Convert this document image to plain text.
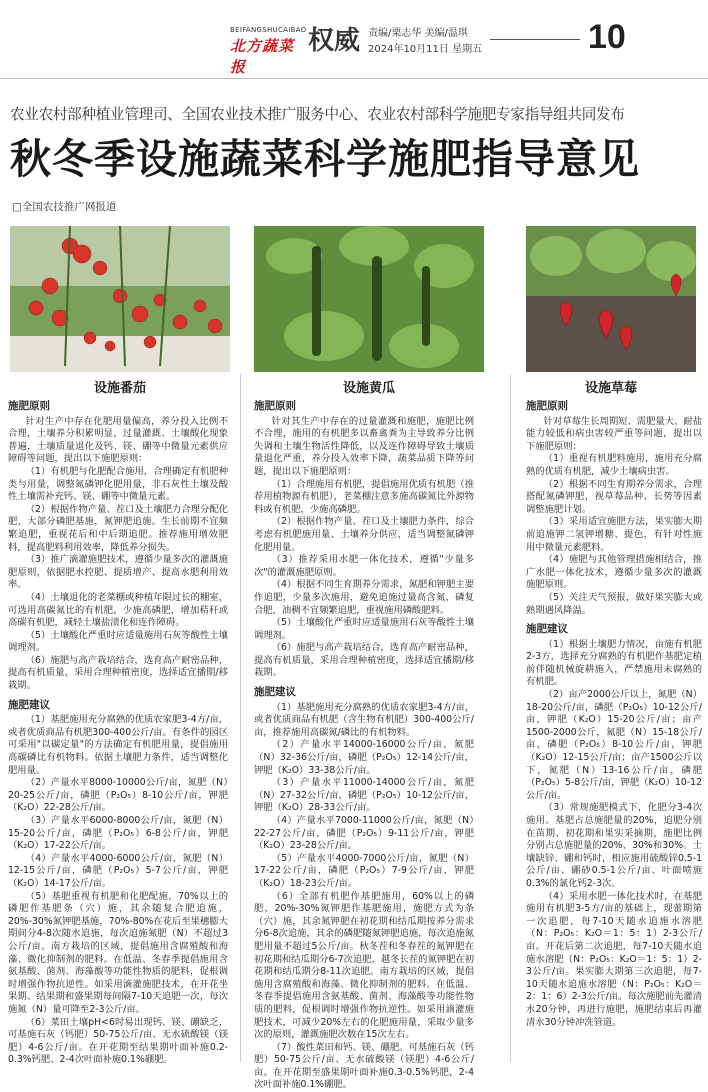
BEIFANGSHUCAIBAO
北方蔬菜报
权威 责编/栗志华 美编/温琪
2024年10月11日 星期五	10
农业农村部种植业管理司、全国农业技术推广服务中心、农业农村部科学施肥专家指导组共同发布
秋冬季设施蔬菜科学施肥指导意见
□全国农技推广网报道
设施番茄	设施黄瓜	设施草莓
施肥原则

针对生产中存在化肥用量偏高，养分投入比例不合理，土壤养分积累明显，过量灌溉、土壤酸化现象普遍，土壤质量退化及钙、镁、硼等中微量元素供应障碍等问题，提出以下施肥原则：

（1）有机肥与化肥配合施用，合理确定有机肥种类与用量，调整氮磷钾化肥用量，非石灰性土壤及酸性土壤需补充钙、镁、硼等中微量元素。

（2）根据作物产量、茬口及土壤肥力合理分配化肥，大部分磷肥基施，氮钾肥追施。生长前期不宜频繁追肥，重视花后和中后期追肥。推荐施用增效肥料，提高肥料利用效率，降低养分损失。

（3）推广滴灌施肥技术，遵循少量多次的灌溉施肥原则，依据肥水控肥、提质增产、提高水肥利用效率。

（4）土壤退化的老菜棚或种植年限过长的棚室，可选用高碳氮比的有机肥，少施高磷肥，增加秸秆或高碳有机肥，减轻土壤盐渍化和连作障碍。

（5）土壤酸化严重时应适量施用石灰等酸性土壤调理剂。

（6）施肥与高产栽培结合，选育高产耐密品种，提高有机质量，采用合理种植密度，选择适宜播期/移栽期。

施肥建议

（1）基肥施用充分腐熟的优质农家肥3-4方/亩，或者优质商品有机肥300-400公斤/亩。有条件的园区可采用"以碳定量"的方法确定有机肥用量，提倡施用高碳磷比有机物料。依据土壤肥力条件，适当调整化肥用量。

（2）产量水平8000-10000公斤/亩，氮肥（N）20-25公斤/亩，磷肥（P₂O₅）8-10公斤/亩，钾肥（K₂O）22-28公斤/亩。

（3）产量水平6000-8000公斤/亩，氮肥（N）15-20公斤/亩，磷肥（P₂O₅）6-8公斤/亩，钾肥（K₂O）17-22公斤/亩。

（4）产量水平4000-6000公斤/亩，氮肥（N）12-15公斤/亩，磷肥（P₂O₅）5-7公斤/亩，钾肥（K₂O）14-17公斤/亩。

（5）基肥重视有机肥和化肥配施，70%以上的磷肥作基肥条（穴）施，其余随复合肥追施，20%-30%氮钾肥基施，70%-80%在花后至果穗膨大期间分4-8次随水追施，每次追施氮肥（N）不超过3公斤/亩。南方栽培的区域，提倡施用含腐殖酸和海藻、微化抑制剂的肥料。在低温、冬春季提倡施用含氨基酸、菌剂、海藻酸等功能性物质的肥料，促根调时增强作物抗逆性。如采用滴灌施肥技术，在开花坐果期、结果期和盛果期每间隔7-10天追肥一次，每次施氮（N）量可降至2-3公斤/亩。

（6）菜田土壤pH<6时易出现钙、镁、硼缺乏，可基施石灰（钙肥）50-75公斤/亩、无水硫酸镁（镁肥）4-6公斤/亩。在开花期至结果期叶面补施0.2-0.3%钙肥、2-4次叶面补施0.1%硼肥。

施肥原则

针对其生产中存在的过量灌溉和施肥，施肥比例不合理，施用的有机肥多以畜禽粪为主导致养分比例失调和土壤生物活性降低，以及连作障碍导致土壤质量退化严重，养分投入效率下降，蔬菜品质下降等问题，提出以下施肥原则：

（1）合理施用有机肥，提倡施用优质有机肥（推荐用植物源有机肥），老菜棚注意多施高碳氮比外源物料或有机肥，少施高磷肥。

（2）根据作物产量、茬口及土壤肥力条件，综合考虑有机肥施用量、土壤养分供应，适当调整氮磷钾化肥用量。

（3）推荐采用水肥一体化技术，遵循"少量多次"的灌溉施肥原则。

（4）根据不同生育期养分需求，氮肥和钾肥主要作追肥，少量多次施用，避免追施过量高含氮、磷复合肥，油稠不宜频繁追肥，重视施用磷酸肥料。

（5）土壤酸化严重时应适量施用石灰等酸性土壤调理剂。

（6）施肥与高产栽培结合，选育高产耐密品种，提高有机质量，采用合理种植密度，选择适宜播期/移栽期。

施肥建议

（1）基肥施用充分腐熟的优质农家肥3-4方/亩，或者优质商品有机肥（含生物有机肥）300-400公斤/亩，推荐施用高碳氮/磷比的有机物料。

（2）产量水平14000-16000公斤/亩，氮肥（N）32-36公斤/亩，磷肥（P₂O₅）12-14公斤/亩，钾肥（K₂O）33-38公斤/亩。

（3）产量水平11000-14000公斤/亩，氮肥（N）27-32公斤/亩，磷肥（P₂O₅）10-12公斤/亩，钾肥（K₂O）28-33公斤/亩。

（4）产量水平7000-11000公斤/亩，氮肥（N）22-27公斤/亩，磷肥（P₂O₅）9-11公斤/亩，钾肥（K₂O）23-28公斤/亩。

（5）产量水平4000-7000公斤/亩，氮肥（N）17-22公斤/亩，磷肥（P₂O₅）7-9公斤/亩，钾肥（K₂O）18-23公斤/亩。

（6）全部有机肥作基肥施用，60%以上的磷肥、20%-30%氮钾肥作基肥施用，施肥方式为条（穴）施，其余氮钾肥在初花期和结瓜期按养分需求分6-8次追施，其余的磷肥随氮钾肥追施，每次追施氮肥用量不超过5公斤/亩。秋冬茬和冬春茬的氮钾肥在初花期和结瓜期分6-7次追肥，越冬长茬的氮钾肥在初花期和结瓜期分8-11次追肥。南方栽培的区域，提倡施用含腐殖酸和海藻、微化抑制剂的肥料。在低温、冬春季提倡施用含氨基酸、菌剂、海藻酸等功能性物质的肥料，促根调时增强作物抗逆性。如采用滴灌施肥技术，可减少20%左右的化肥施用量，采取少量多次的原则，灌溉施肥次数在15次左右。

（7）酸性菜田和钙、镁、硼肥。可基施石灰（钙肥）50-75公斤/亩、无水硫酸镁（镁肥）4-6公斤/亩。在开花期至盛果期叶面补施0.3-0.5%钙肥，2-4次叶面补施0.1%硼肥。

施肥原则

针对草莓生长周期短、需肥量大、耐盐能力较低和病虫害较严重等问题，提出以下施肥原则：

（1）重视有机肥料施用，施用充分腐熟的优质有机肥，减少土壤病虫害。

（2）根据不同生育期养分需求，合理搭配氮磷钾肥，视草莓品种、长势等因素调整施肥计划。

（3）采用适宜施肥方法，果实膨大期前追施钾二氢钾增糖、提色，有针对性施用中微量元素肥料。

（4）施肥与其他管理措施相结合，推广水肥一体化技术，遵循少量多次的灌溉施肥原则。

（5）关注天气预报，做好果实膨大或熟期遇风降温。

施肥建议

（1）根据土壤肥力情况，亩施有机肥2-3方，选择充分腐熟的有机肥作基肥定植前伴随机械旋耕施入，严禁施用未腐熟的有机肥。

（2）亩产2000公斤以上，氮肥（N）18-20公斤/亩，磷肥（P₂O₅）10-12公斤/亩，钾肥（K₂O）15-20公斤/亩；亩产1500-2000公斤，氮肥（N）15-18公斤/亩，磷肥（P₂O₅）8-10公斤/亩，钾肥（K₂O）12-15公斤/亩；亩产1500公斤以下，氮肥（N）13-16公斤/亩，磷肥（P₂O₅）5-8公斤/亩，钾肥（K₂O）10-12公斤/亩。

（3）常规施肥模式下，化肥分3-4次施用。基肥占总施肥量的20%，追肥分别在苗期、初花期和果实采摘期，施肥比例分别占总施肥量的20%、30%和30%。土壤缺锌、硼和钙时，相应施用硫酸锌0.5-1公斤/亩、硼砂0.5-1公斤/亩、叶面喷施0.3%的氯化钙2-3次。

（4）采用水肥一体化技术时，在基肥施用有机肥3-5方/亩的基础上，现蕾期第一次追肥，每7-10天随水追施水溶肥（N：P₂O₅：K₂O＝1：5：1）2-3公斤/亩。开花后第二次追肥，每7-10天随水追施水溶肥（N：P₂O₅：K₂O＝1：5：1）2-3公斤/亩。果实膨大期第三次追肥，每7-10天随水追施水溶肥（N：P₂O₅：K₂O＝2：1：6）2-3公斤/亩。每次施肥前先灌清水20分钟，再进行施肥，施肥结束后再灌清水30分钟冲洗管道。
